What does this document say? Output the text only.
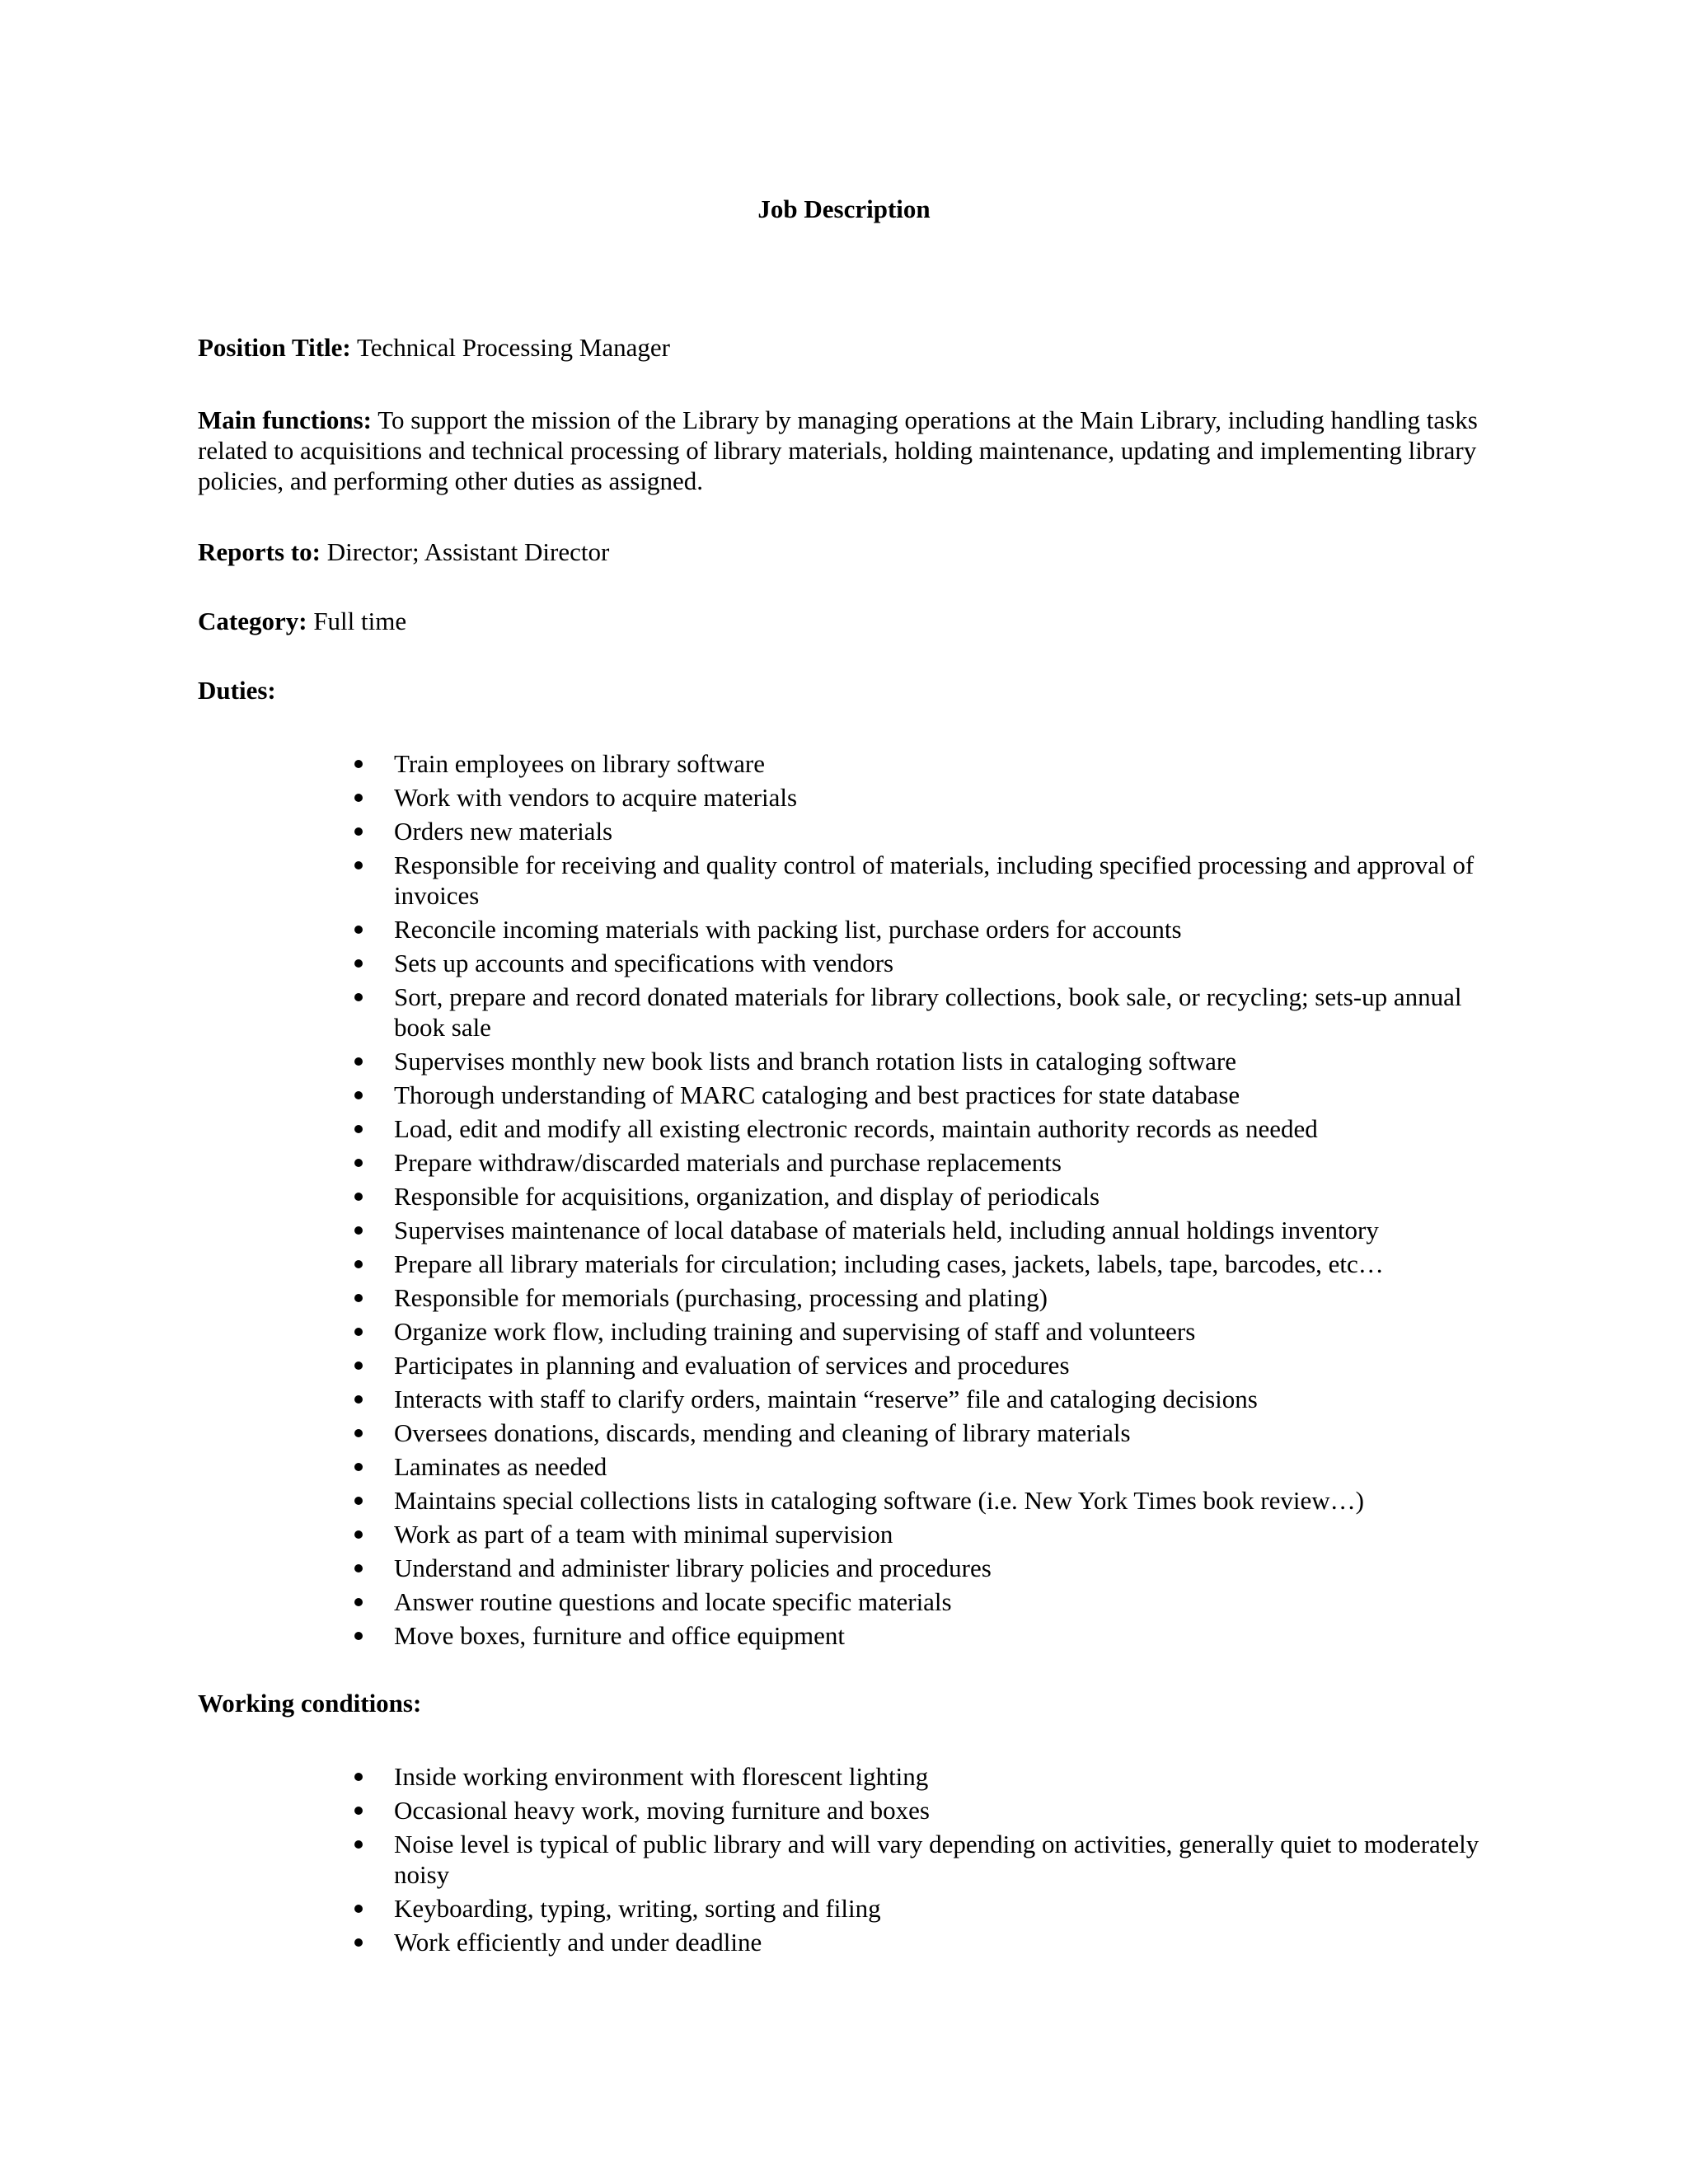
Job Description

Position Title: Technical Processing Manager

Main functions: To support the mission of the Library by managing operations at the Main Library, including handling tasks related to acquisitions and technical processing of library materials, holding maintenance, updating and implementing library policies, and performing other duties as assigned.

Reports to: Director; Assistant Director

Category: Full time

Duties:

Train employees on library software
Work with vendors to acquire materials
Orders new materials
Responsible for receiving and quality control of materials, including specified processing and approval of invoices
Reconcile incoming materials with packing list, purchase orders for accounts
Sets up accounts and specifications with vendors
Sort, prepare and record donated materials for library collections, book sale, or recycling; sets-up annual book sale
Supervises monthly new book lists and branch rotation lists in cataloging software
Thorough understanding of MARC cataloging and best practices for state database
Load, edit and modify all existing electronic records, maintain authority records as needed
Prepare withdraw/discarded materials and purchase replacements
Responsible for acquisitions, organization, and display of periodicals
Supervises maintenance of local database of materials held, including annual holdings inventory
Prepare all library materials for circulation; including cases, jackets, labels, tape, barcodes, etc…
Responsible for memorials (purchasing, processing and plating)
Organize work flow, including training and supervising of staff and volunteers
Participates in planning and evaluation of services and procedures
Interacts with staff to clarify orders, maintain “reserve” file and cataloging decisions
Oversees donations, discards, mending and cleaning of library materials
Laminates as needed
Maintains special collections lists in cataloging software (i.e. New York Times book review…)
Work as part of a team with minimal supervision
Understand and administer library policies and procedures
Answer routine questions and locate specific materials
Move boxes, furniture and office equipment

Working conditions:

Inside working environment with florescent lighting
Occasional heavy work, moving furniture and boxes
Noise level is typical of public library and will vary depending on activities, generally quiet to moderately noisy
Keyboarding, typing, writing, sorting and filing
Work efficiently and under deadline
